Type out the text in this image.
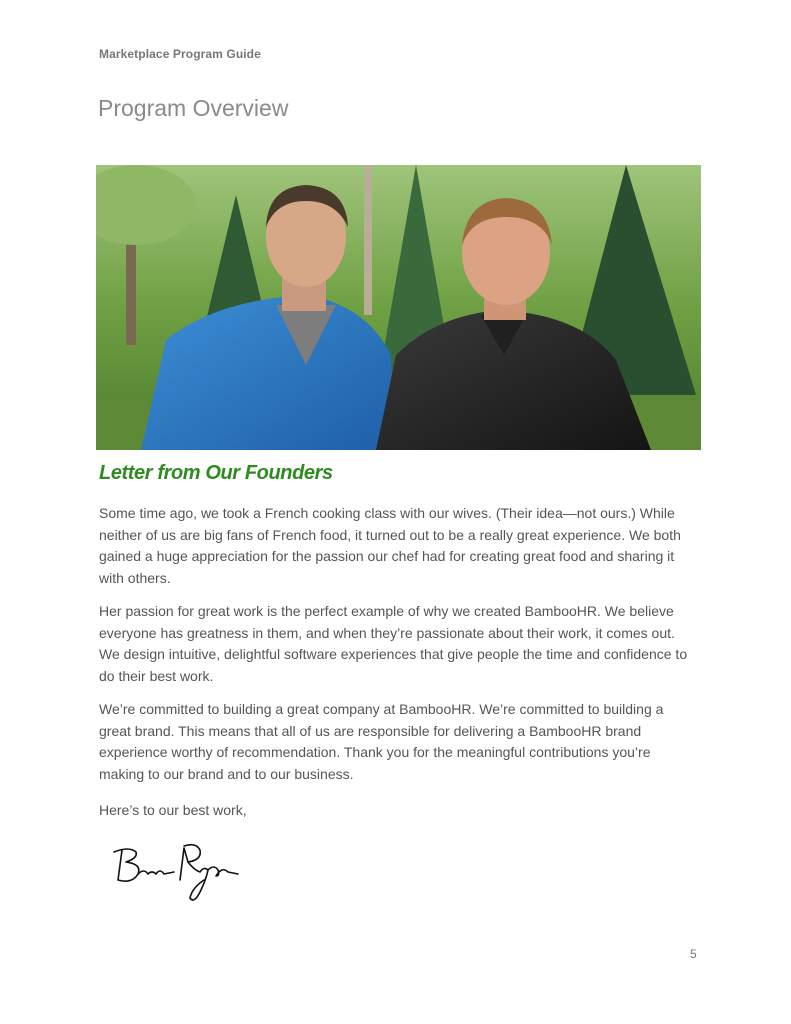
Marketplace Program Guide
Program Overview
Letter from Our Founders

Some time ago, we took a French cooking class with our wives. (Their idea—not ours.) While neither of us are big fans of French food, it turned out to be a really great experience. We both gained a huge appreciation for the passion our chef had for creating great food and sharing it with others.

Her passion for great work is the perfect example of why we created BambooHR. We believe everyone has greatness in them, and when they’re passionate about their work, it comes out. We design intuitive, delightful software experiences that give people the time and confidence to do their best work.

We’re committed to building a great company at BambooHR. We’re committed to building a great brand. This means that all of us are responsible for delivering a BambooHR brand experience worthy of recommendation. Thank you for the meaningful contributions you’re making to our brand and to our business.

Here’s to our best work,

5
